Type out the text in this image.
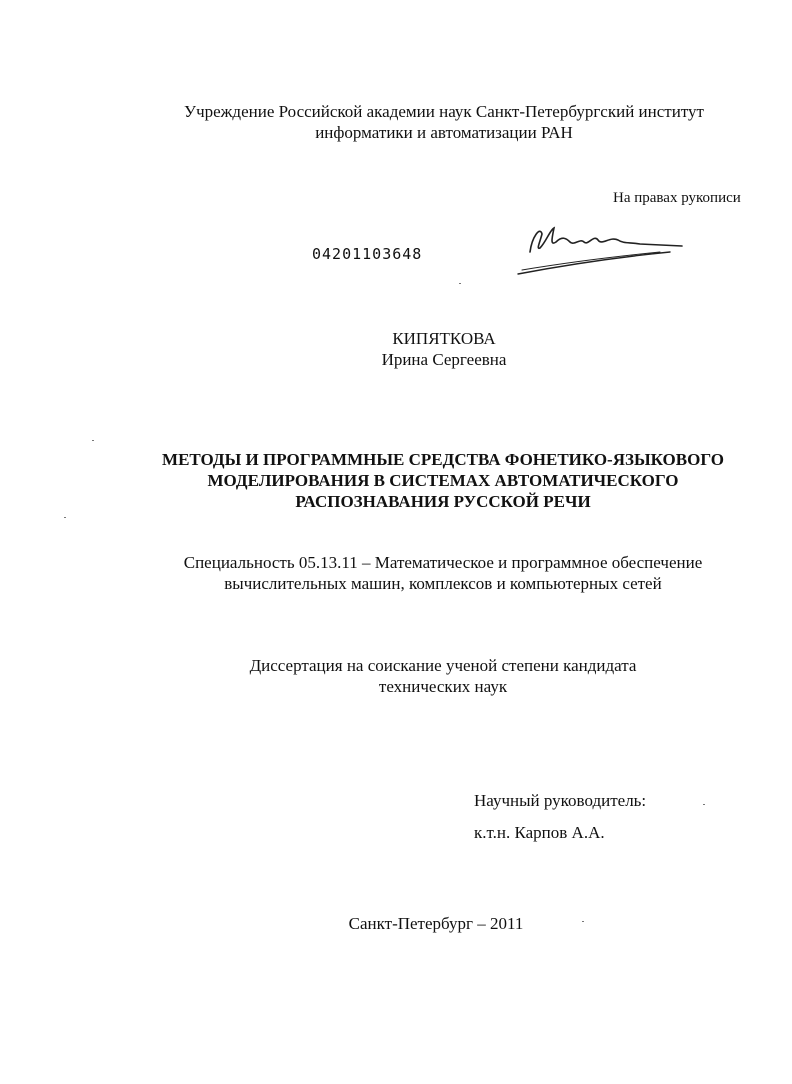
Учреждение Российской академии наук Санкт-Петербургский институт
информатики и автоматизации РАН
На правах рукописи
04201103648
КИПЯТКОВА
Ирина Сергеевна
МЕТОДЫ И ПРОГРАММНЫЕ СРЕДСТВА ФОНЕТИКО-ЯЗЫКОВОГО
МОДЕЛИРОВАНИЯ В СИСТЕМАХ АВТОМАТИЧЕСКОГО
РАСПОЗНАВАНИЯ РУССКОЙ РЕЧИ
Специальность 05.13.11 – Математическое и программное обеспечение
вычислительных машин, комплексов и компьютерных сетей
Диссертация на соискание ученой степени кандидата
технических наук
Научный руководитель:
к.т.н. Карпов А.А.
Санкт-Петербург – 2011
